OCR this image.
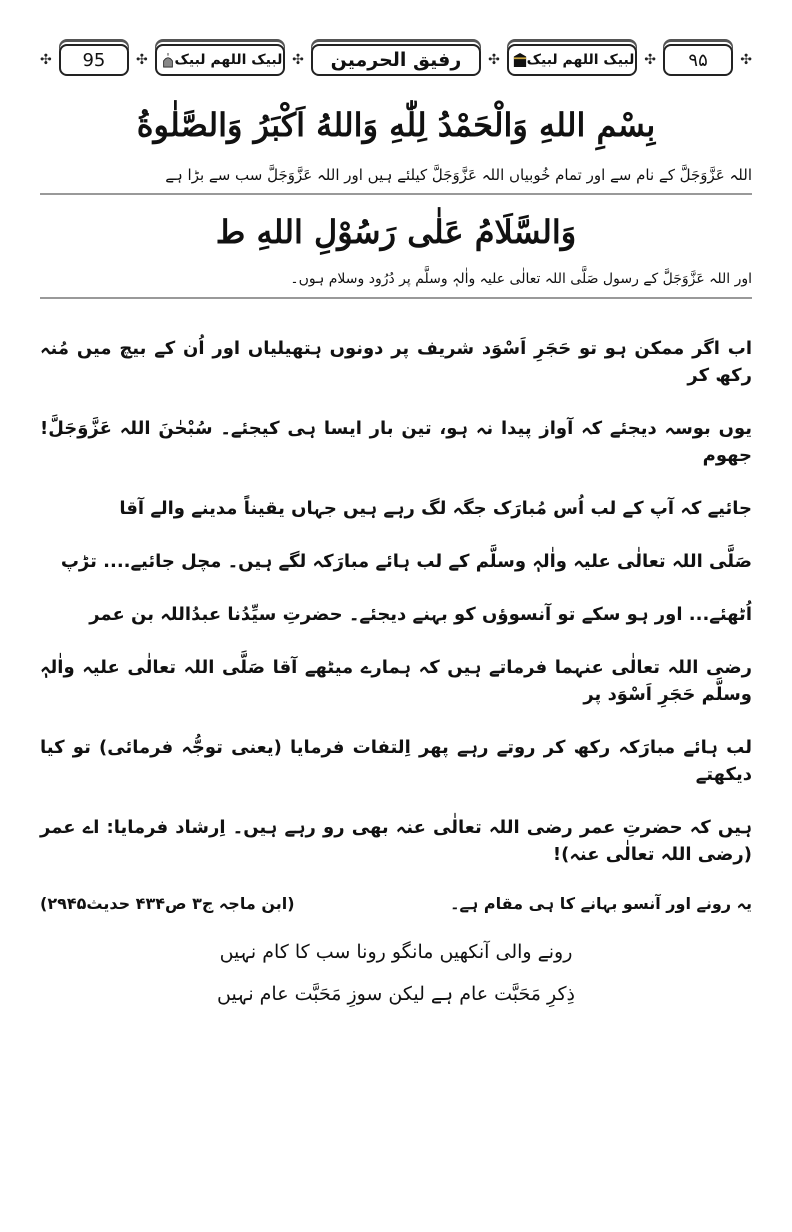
✣	95	✣ لبیک اللھم لبیک ✣	رفیق الحرمین	✣ لبیک اللھم لبیک ✣	۹۵	✣
بِسْمِ اللهِ وَالْحَمْدُ لِلّٰهِ وَاللهُ اَكْبَرُ وَالصَّلٰوةُ
اللہ عَزَّوَجَلَّ کے نام سے اور تمام خُوبیاں اللہ عَزَّوَجَلَّ کیلئے ہیں اور اللہ عَزَّوَجَلَّ سب سے بڑا ہے
وَالسَّلَامُ عَلٰی رَسُوْلِ اللهِ ط
اور اللہ عَزَّوَجَلَّ کے رسول صَلَّی اللہ تعالٰی علیہ واٰلہٖ وسلَّم پر دُرُود وسلام ہوں۔
اب اگر ممکن ہو تو حَجَرِ اَسْوَد شریف پر دونوں ہتھیلیاں اور اُن کے بیچ میں مُنہ رکھ کر
یوں بوسہ دیجئے کہ آواز پیدا نہ ہو، تین بار ایسا ہی کیجئے۔ سُبْحٰنَ اللہ عَزَّوَجَلَّ! جھوم
جائیے کہ آپ کے لب اُس مُبارَک جگہ لگ رہے ہیں جہاں یقیناً مدینے والے آقا
صَلَّی اللہ تعالٰی علیہ واٰلہٖ وسلَّم کے لب ہائے مبارَکہ لگے ہیں۔ مچل جائیے.... تڑپ
اُٹھئے... اور ہو سکے تو آنسوؤں کو بہنے دیجئے۔ حضرتِ سیِّدُنا عبدُاللہ بن عمر
رضی اللہ تعالٰی عنہما فرماتے ہیں کہ ہمارے میٹھے آقا صَلَّی اللہ تعالٰی علیہ واٰلہٖ وسلَّم حَجَرِ اَسْوَد پر
لب ہائے مبارَکہ رکھ کر روتے رہے پھر اِلتفات فرمایا (یعنی توجُّہ فرمائی) تو کیا دیکھتے
ہیں کہ حضرتِ عمر رضی اللہ تعالٰی عنہ بھی رو رہے ہیں۔ اِرشاد فرمایا: اے عمر (رضی اللہ تعالٰی عنہ)!
یہ رونے اور آنسو بہانے کا ہی مقام ہے۔
(ابن ماجہ ج۳ ص۴۳۴ حدیث۲۹۴۵)
رونے والی آنکھیں مانگو رونا سب کا کام نہیں
ذِکرِ مَحَبَّت عام ہے لیکن سوزِ مَحَبَّت عام نہیں
